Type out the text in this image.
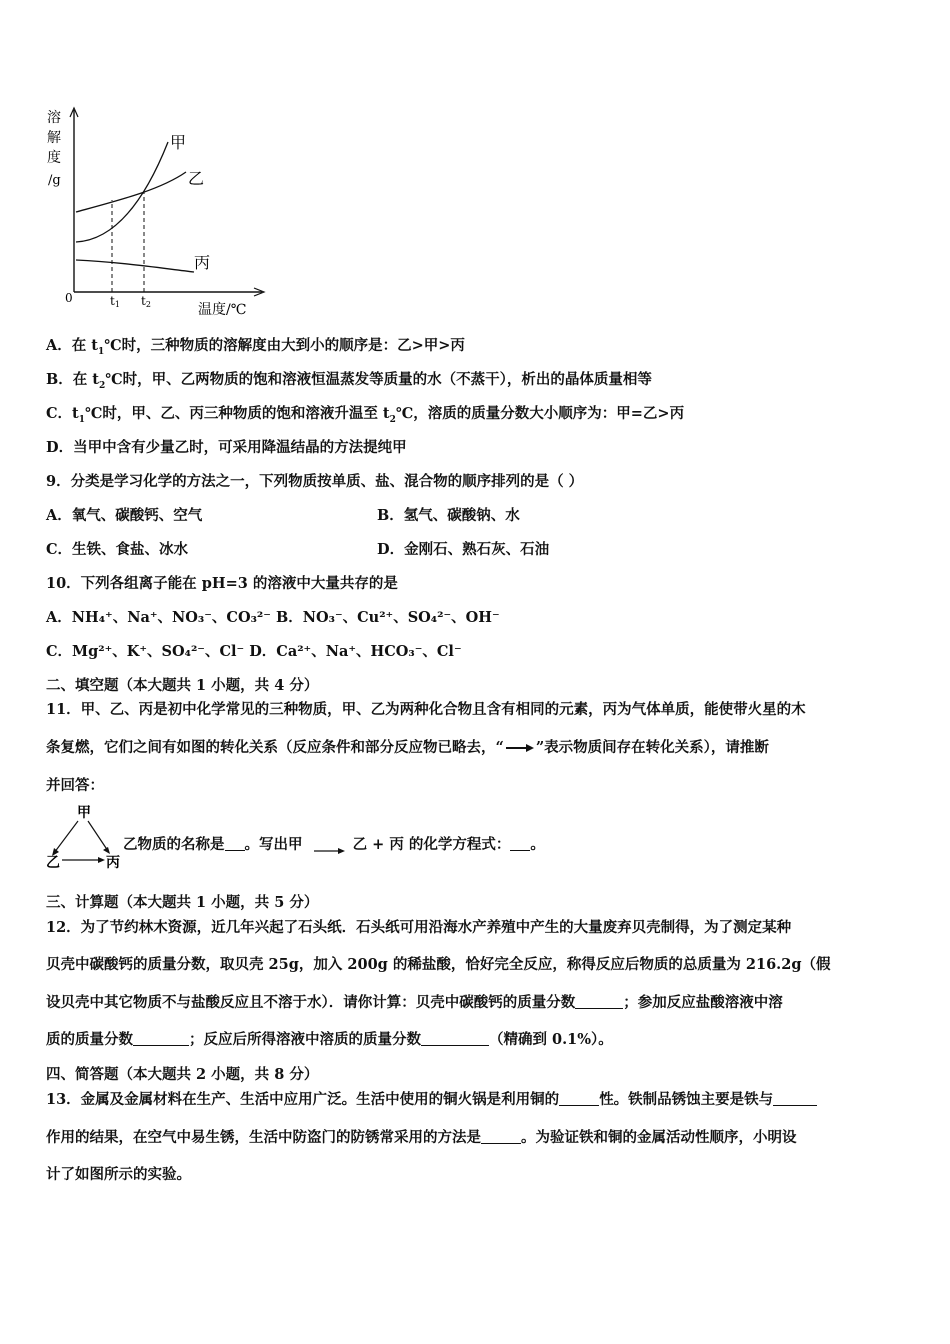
溶
解
度
/g
0	t1 t2	温度/℃
甲
乙
丙
A．在 $t_1℃$时，三种物质的溶解度由大到小的顺序是：乙>甲>丙
B．在 $t_2℃$时，甲、乙两物质的饱和溶液恒温蒸发等质量的水（不蒸干），析出的晶体质量相等
C．$t_1℃$时，甲、乙、丙三种物质的饱和溶液升温至 $t_2℃$，溶质的质量分数大小顺序为：甲=乙>丙
D．当甲中含有少量乙时，可采用降温结晶的方法提纯甲
9．分类是学习化学的方法之一，下列物质按单质、盐、混合物的顺序排列的是（ ）
A．氧气、碳酸钙、空气	B．氢气、碳酸钠、水
C．生铁、食盐、冰水	D．金刚石、熟石灰、石油
10．下列各组离子能在 pH=3 的溶液中大量共存的是
A．NH₄⁺、Na⁺、NO₃⁻、CO₃²⁻ B．NO₃⁻、Cu²⁺、SO₄²⁻、OH⁻
C．Mg²⁺、K⁺、SO₄²⁻、Cl⁻ D．Ca²⁺、Na⁺、HCO₃⁻、Cl⁻
二、填空题（本大题共 1 小题，共 4 分）
11．甲、乙、丙是初中化学常见的三种物质，甲、乙为两种化合物且含有相同的元素，丙为气体单质，能使带火星的木
条复燃，它们之间有如图的转化关系（反应条件和部分反应物已略去，“ ”表示物质间存在转化关系），请推断
并回答：
甲
乙	丙
乙物质的名称是 。写出甲 → 乙 + 丙 的化学方程式： 。
三、计算题（本大题共 1 小题，共 5 分）
12．为了节约林木资源，近几年兴起了石头纸．石头纸可用沿海水产养殖中产生的大量废弃贝壳制得，为了测定某种
贝壳中碳酸钙的质量分数，取贝壳 25g，加入 200g 的稀盐酸，恰好完全反应，称得反应后物质的总质量为 216.2g（假
设贝壳中其它物质不与盐酸反应且不溶于水）．请你计算：贝壳中碳酸钙的质量分数	；参加反应盐酸溶液中溶
质的质量分数	；反应后所得溶液中溶质的质量分数	（精确到 0.1%）。
四、简答题（本大题共 2 小题，共 8 分）
13．金属及金属材料在生产、生活中应用广泛。生活中使用的铜火锅是利用铜的	性。铁制品锈蚀主要是铁与
作用的结果，在空气中易生锈，生活中防盗门的防锈常采用的方法是	。为验证铁和铜的金属活动性顺序，小明设
计了如图所示的实验。
